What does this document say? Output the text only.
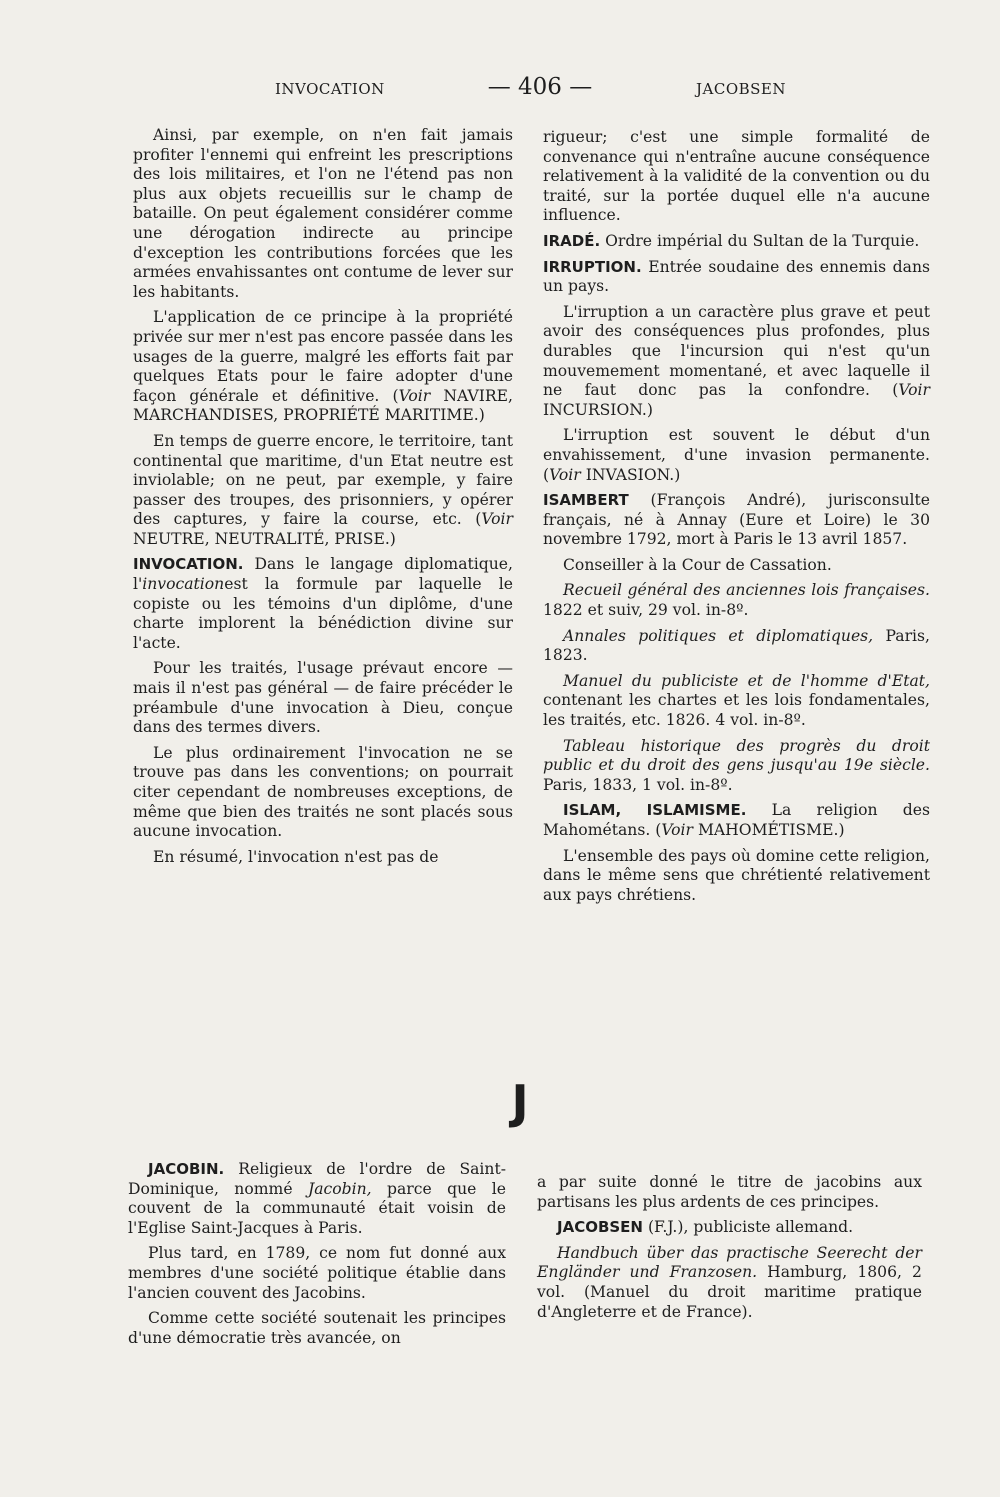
INVOCATION	— 406 —	JACOBSEN

Ainsi, par exemple, on n'en fait jamais profiter l'ennemi qui enfreint les prescriptions des lois militaires, et l'on ne l'étend pas non plus aux objets recueillis sur le champ de bataille. On peut également considérer comme une dérogation indirecte au principe d'exception les contributions forcées que les armées envahissantes ont contume de lever sur les habitants.

L'application de ce principe à la propriété privée sur mer n'est pas encore passée dans les usages de la guerre, malgré les efforts fait par quelques Etats pour le faire adopter d'une façon générale et définitive. (Voir NAVIRE, MARCHANDISES, PROPRIÉTÉ MARITIME.)

En temps de guerre encore, le territoire, tant continental que maritime, d'un Etat neutre est inviolable; on ne peut, par exemple, y faire passer des troupes, des prisonniers, y opérer des captures, y faire la course, etc. (Voir NEUTRE, NEUTRALITÉ, PRISE.)

INVOCATION. Dans le langage diplomatique, l'invocationest la formule par laquelle le copiste ou les témoins d'un diplôme, d'une charte implorent la bénédiction divine sur l'acte.

Pour les traités, l'usage prévaut encore — mais il n'est pas général — de faire précéder le préambule d'une invocation à Dieu, conçue dans des termes divers.

Le plus ordinairement l'invocation ne se trouve pas dans les conventions; on pourrait citer cependant de nombreuses exceptions, de même que bien des traités ne sont placés sous aucune invocation.

En résumé, l'invocation n'est pas de

rigueur; c'est une simple formalité de convenance qui n'entraîne aucune conséquence relativement à la validité de la convention ou du traité, sur la portée duquel elle n'a aucune influence.

IRADÉ. Ordre impérial du Sultan de la Turquie.

IRRUPTION. Entrée soudaine des ennemis dans un pays.

L'irruption a un caractère plus grave et peut avoir des conséquences plus profondes, plus durables que l'incursion qui n'est qu'un mouvemement momentané, et avec laquelle il ne faut donc pas la confondre. (Voir INCURSION.)

L'irruption est souvent le début d'un envahissement, d'une invasion permanente. (Voir INVASION.)

ISAMBERT (François André), jurisconsulte français, né à Annay (Eure et Loire) le 30 novembre 1792, mort à Paris le 13 avril 1857.

Conseiller à la Cour de Cassation.

Recueil général des anciennes lois françaises. 1822 et suiv, 29 vol. in-8º.

Annales politiques et diplomatiques, Paris, 1823.

Manuel du publiciste et de l'homme d'Etat, contenant les chartes et les lois fondamentales, les traités, etc. 1826. 4 vol. in-8º.

Tableau historique des progrès du droit public et du droit des gens jusqu'au 19e siècle. Paris, 1833, 1 vol. in-8º.

ISLAM, ISLAMISME. La religion des Mahométans. (Voir MAHOMÉTISME.)

L'ensemble des pays où domine cette religion, dans le même sens que chrétienté relativement aux pays chrétiens.

J

JACOBIN. Religieux de l'ordre de Saint-Dominique, nommé Jacobin, parce que le couvent de la communauté était voisin de l'Eglise Saint-Jacques à Paris.

Plus tard, en 1789, ce nom fut donné aux membres d'une société politique établie dans l'ancien couvent des Jacobins.

Comme cette société soutenait les principes d'une démocratie très avancée, on

a par suite donné le titre de jacobins aux partisans les plus ardents de ces principes.

JACOBSEN (F.J.), publiciste allemand.

Handbuch über das practische Seerecht der Engländer und Franzosen. Hamburg, 1806, 2 vol. (Manuel du droit maritime pratique d'Angleterre et de France).
